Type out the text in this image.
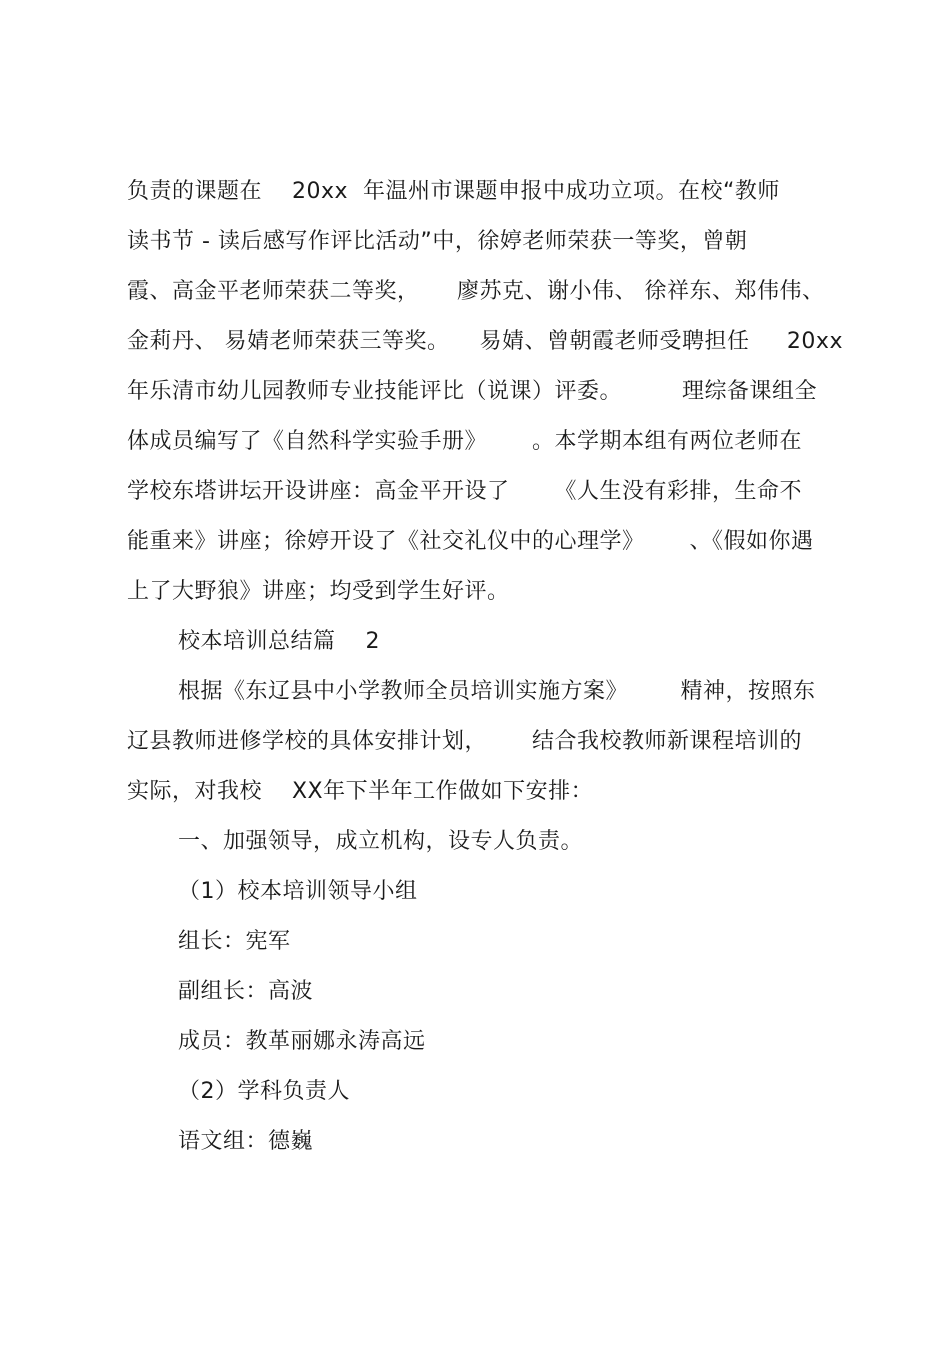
负责的课题在    20xx  年温州市课题申报中成功立项。在校“教师
读书节 - 读后感写作评比活动”中，徐婷老师荣获一等奖，曾朝
霞、高金平老师荣获二等奖，     廖苏克、谢小伟、 徐祥东、郑伟伟、
金莉丹、 易婧老师荣获三等奖。    易婧、曾朝霞老师受聘担任     20xx
年乐清市幼儿园教师专业技能评比（说课）评委。        理综备课组全
体成员编写了《自然科学实验手册》      。本学期本组有两位老师在
学校东塔讲坛开设讲座：高金平开设了      《人生没有彩排，生命不
能重来》讲座；徐婷开设了《社交礼仪中的心理学》      、《假如你遇
上了大野狼》讲座；均受到学生好评。
校本培训总结篇    2
根据《东辽县中小学教师全员培训实施方案》       精神，按照东
辽县教师进修学校的具体安排计划，      结合我校教师新课程培训的
实际，对我校    XX年下半年工作做如下安排：
一、加强领导，成立机构，设专人负责。
（1）校本培训领导小组
组长：宪军
副组长：高波
成员：教革丽娜永涛高远
（2）学科负责人
语文组：德巍
